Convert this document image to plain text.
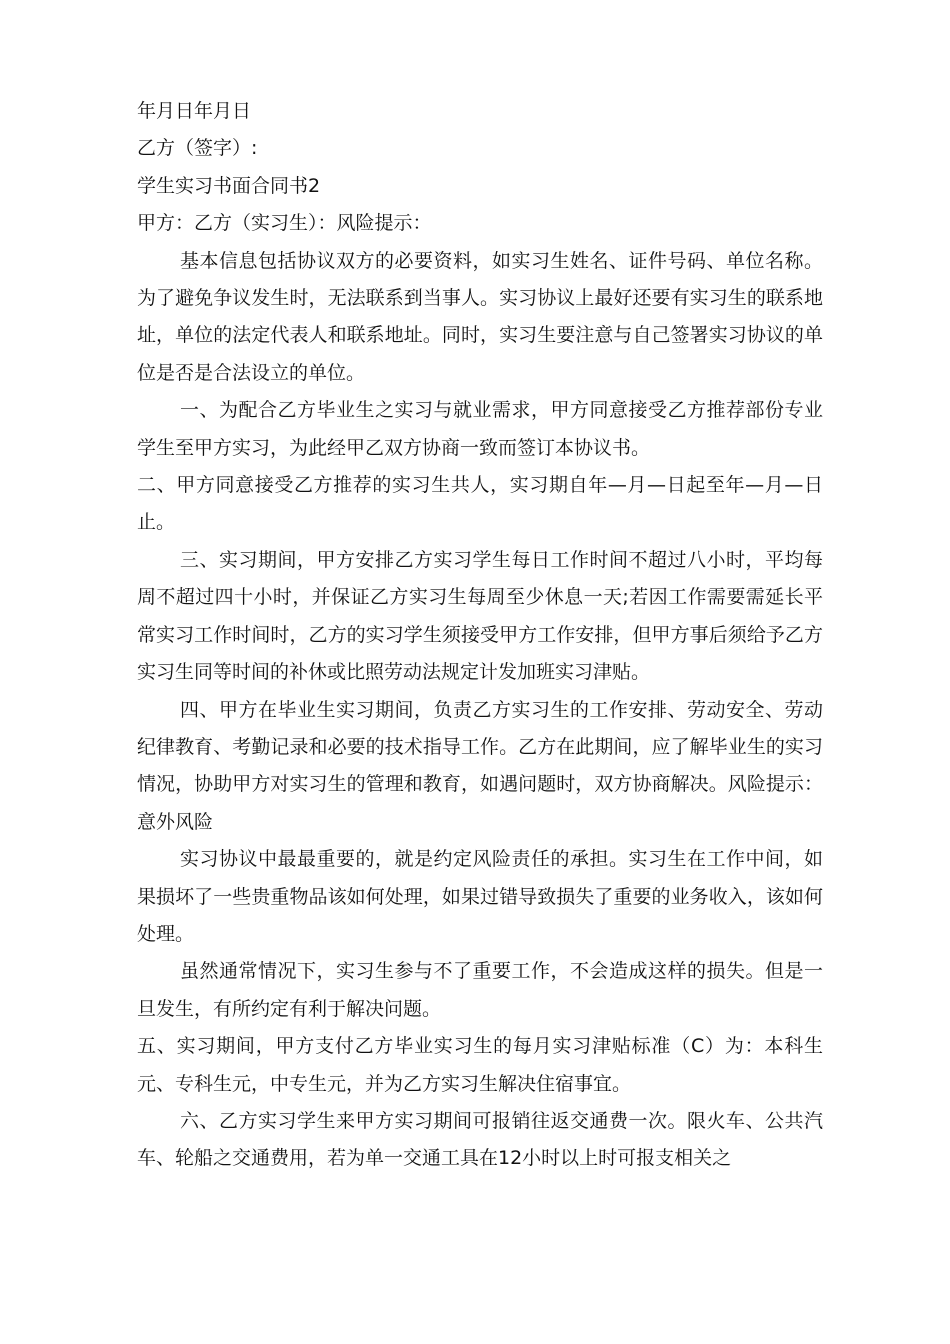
年月日年月日

乙方（签字）:

学生实习书面合同书2

甲方：乙方（实习生）：风险提示：

基本信息包括协议双方的必要资料，如实习生姓名、证件号码、单位名称。为了避免争议发生时，无法联系到当事人。实习协议上最好还要有实习生的联系地址，单位的法定代表人和联系地址。同时，实习生要注意与自己签署实习协议的单位是否是合法设立的单位。

一、为配合乙方毕业生之实习与就业需求，甲方同意接受乙方推荐部份专业学生至甲方实习，为此经甲乙双方协商一致而签订本协议书。

二、甲方同意接受乙方推荐的实习生共人，实习期自年—月—日起至年—月—日止。

三、实习期间，甲方安排乙方实习学生每日工作时间不超过八小时，平均每周不超过四十小时，并保证乙方实习生每周至少休息一天;若因工作需要需延长平常实习工作时间时，乙方的实习学生须接受甲方工作安排，但甲方事后须给予乙方实习生同等时间的补休或比照劳动法规定计发加班实习津贴。

四、甲方在毕业生实习期间，负责乙方实习生的工作安排、劳动安全、劳动纪律教育、考勤记录和必要的技术指导工作。乙方在此期间，应了解毕业生的实习情况，协助甲方对实习生的管理和教育，如遇问题时，双方协商解决。风险提示：意外风险

实习协议中最最重要的，就是约定风险责任的承担。实习生在工作中间，如果损坏了一些贵重物品该如何处理，如果过错导致损失了重要的业务收入，该如何处理。

虽然通常情况下，实习生参与不了重要工作，不会造成这样的损失。但是一旦发生，有所约定有利于解决问题。

五、实习期间，甲方支付乙方毕业实习生的每月实习津贴标准（C）为：本科生元、专科生元，中专生元，并为乙方实习生解决住宿事宜。

六、乙方实习学生来甲方实习期间可报销往返交通费一次。限火车、公共汽车、轮船之交通费用，若为单一交通工具在12小时以上时可报支相关之
